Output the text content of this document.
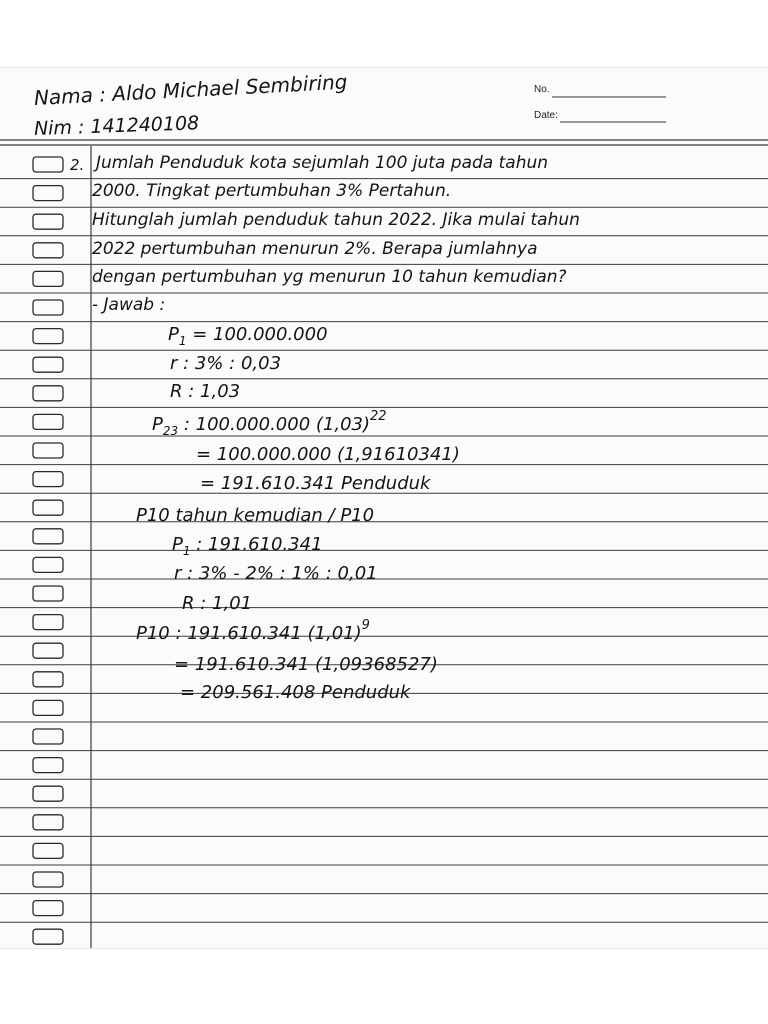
Nama : Aldo Michael Sembiring
Nim : 141240108
No.
Date:
2. Jumlah Penduduk kota sejumlah 100 juta pada tahun
2000. Tingkat pertumbuhan 3% Pertahun.
Hitunglah jumlah penduduk tahun 2022. Jika mulai tahun
2022 pertumbuhan menurun 2%. Berapa jumlahnya
dengan pertumbuhan yg menurun 10 tahun kemudian?
- Jawab :
$P_1 = 100.000.000$
r : 3% : 0,03
R : 1,03
$P_{23}$ : 100.000.000 $(1,03)^{22}$
= 100.000.000 (1,91610341)
= 191.610.341 Penduduk
P10 tahun kemudian / P10
$P_1$ : 191.610.341
r : 3% - 2% : 1% : 0,01
R : 1,01
P10 : 191.610.341 $(1,01)^9$
= 191.610.341 (1,09368527)
= 209.561.408 Penduduk
